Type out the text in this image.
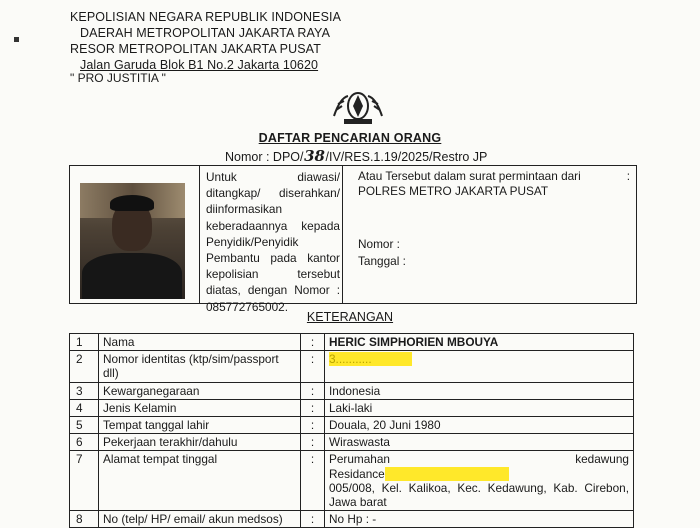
KEPOLISIAN NEGARA REPUBLIK INDONESIA
DAERAH METROPOLITAN JAKARTA RAYA
RESOR METROPOLITAN JAKARTA PUSAT
Jalan Garuda Blok B1 No.2 Jakarta 10620
" PRO JUSTITIA "
DAFTAR PENCARIAN ORANG
Nomor : DPO/38/IV/RES.1.19/2025/Restro JP
Untuk diawasi/ ditangkap/ diserahkan/ diinformasikan keberadaannya kepada Penyidik/Penyidik Pembantu pada kantor kepolisian tersebut diatas, dengan Nomor : 085772765002.
Atau Tersebut dalam surat permintaan dari	:
POLRES METRO JAKARTA PUSAT
Nomor :
Tanggal :
KETERANGAN
1	Nama	:	HERIC SIMPHORIEN MBOUYA
2	Nomor identitas (ktp/sim/passport dll)	:	3...........
3	Kewarganegaraan	:	Indonesia
4	Jenis Kelamin	:	Laki-laki
5	Tempat tanggal lahir	:	Douala, 20 Juni 1980
6	Pekerjaan terakhir/dahulu	:	Wiraswasta
7	Alamat tempat tinggal	:	Perumahan kedawung Residance
005/008, Kel. Kalikoa, Kec. Kedawung, Kab. Cirebon, Jawa barat
8	No (telp/ HP/ email/ akun medsos)	:	No Hp : -
